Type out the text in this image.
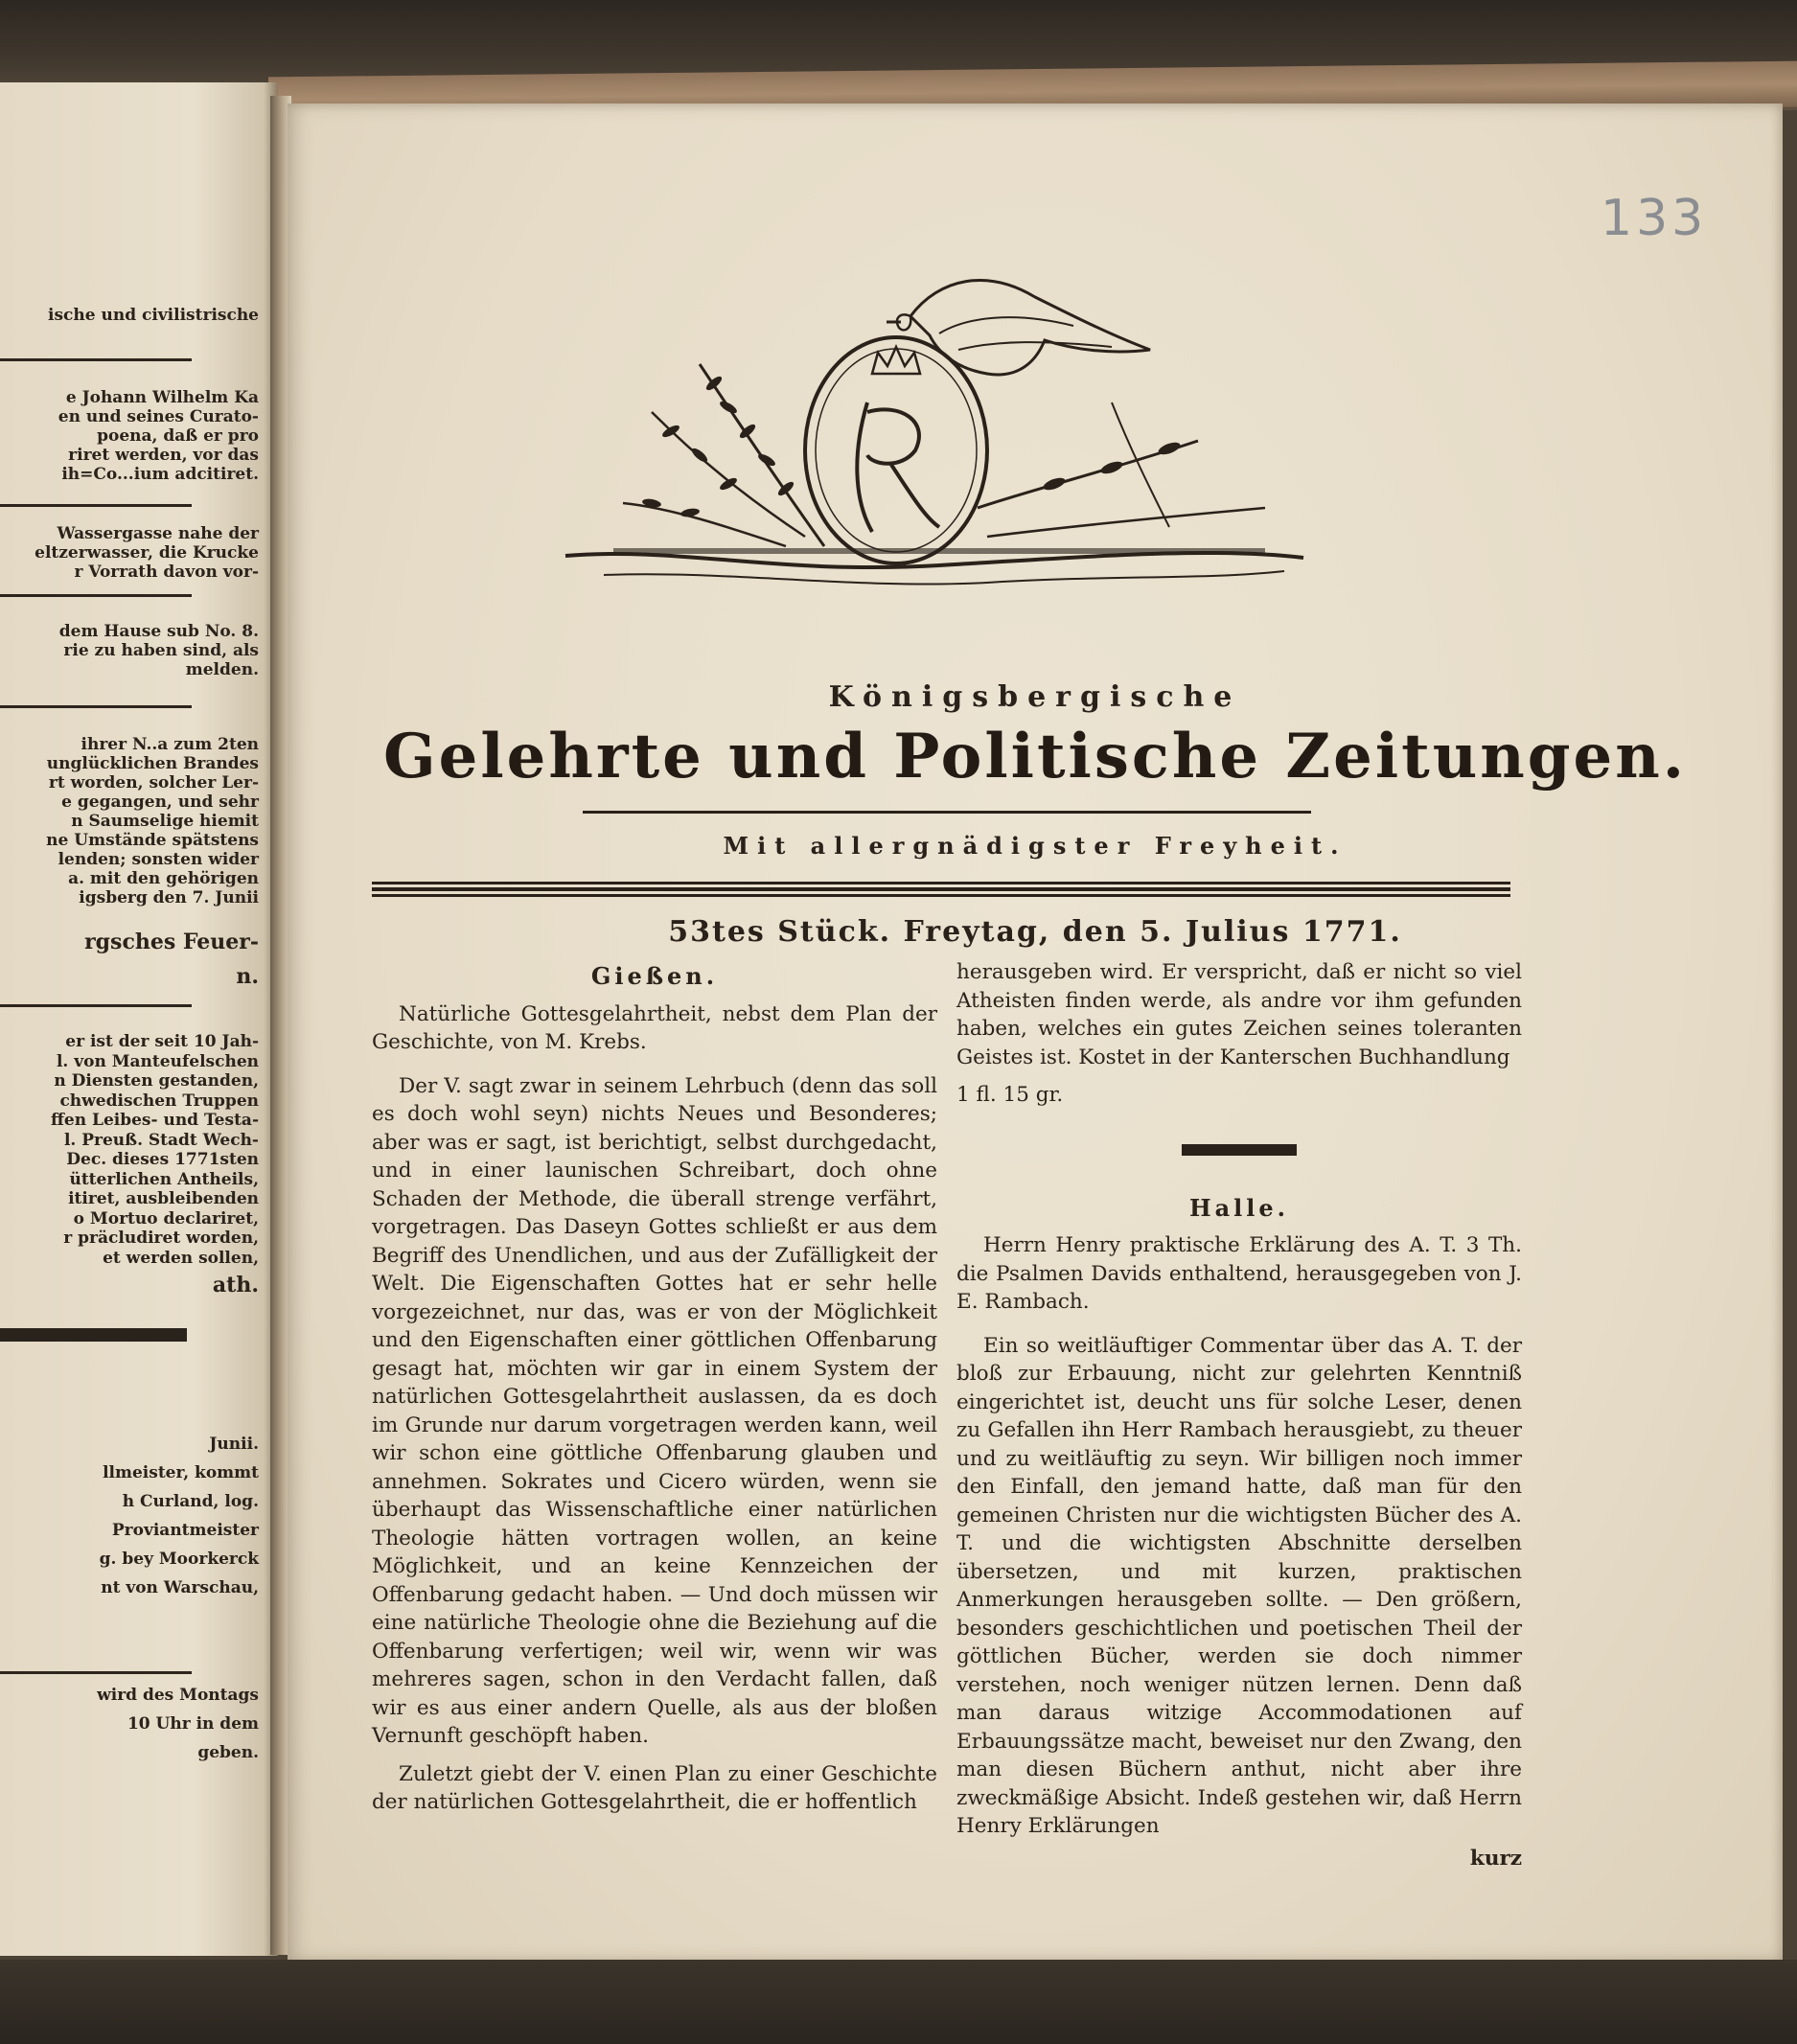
ische und civilistrische
e Johann Wilhelm Ka
en und seines Curato-
poena, daß er pro
riret werden, vor das
ih=Co...ium adcitiret.
Wassergasse nahe der
eltzerwasser, die Krucke
r Vorrath davon vor-
dem Hause sub No. 8.
rie zu haben sind, als
melden.
ihrer N..a zum 2ten
unglücklichen Brandes
rt worden, solcher Ler-
e gegangen, und sehr
n Saumselige hiemit
ne Umstände spätstens
lenden; sonsten wider
a. mit den gehörigen
igsberg den 7. Junii
rgsches Feuer-
n.
er ist der seit 10 Jah-
l. von Manteufelschen
n Diensten gestanden,
chwedischen Truppen
ffen Leibes- und Testa-
l. Preuß. Stadt Wech-
Dec. dieses 1771sten
ütterlichen Antheils,
itiret, ausbleibenden
o Mortuo declariret,
r präcludiret worden,
et werden sollen,
ath.
Junii.
llmeister, kommt
h Curland, log.
Proviantmeister
g. bey Moorkerck
nt von Warschau,
wird des Montags
10 Uhr in dem
geben.
133
Königsbergische
Gelehrte und Politische Zeitungen.
Mit allergnädigster Freyheit.
53tes Stück. Freytag, den 5. Julius 1771.
Gießen.

Natürliche Gottesgelahrtheit, nebst dem Plan der Geschichte, von M. Krebs.

Der V. sagt zwar in seinem Lehrbuch (denn das soll es doch wohl seyn) nichts Neues und Besonderes; aber was er sagt, ist berichtigt, selbst durchgedacht, und in einer launischen Schreibart, doch ohne Schaden der Methode, die überall strenge verfährt, vorgetragen. Das Daseyn Gottes schließt er aus dem Begriff des Unendlichen, und aus der Zufälligkeit der Welt. Die Eigenschaften Gottes hat er sehr helle vorgezeichnet, nur das, was er von der Möglichkeit und den Eigenschaften einer göttlichen Offenbarung gesagt hat, möchten wir gar in einem System der natürlichen Gottesgelahrtheit auslassen, da es doch im Grunde nur darum vorgetragen werden kann, weil wir schon eine göttliche Offenbarung glauben und annehmen. Sokrates und Cicero würden, wenn sie überhaupt das Wissenschaftliche einer natürlichen Theologie hätten vortragen wollen, an keine Möglichkeit, und an keine Kennzeichen der Offenbarung gedacht haben. — Und doch müssen wir eine natürliche Theologie ohne die Beziehung auf die Offenbarung verfertigen; weil wir, wenn wir was mehreres sagen, schon in den Verdacht fallen, daß wir es aus einer andern Quelle, als aus der bloßen Vernunft geschöpft haben.

Zuletzt giebt der V. einen Plan zu einer Geschichte der natürlichen Gottesgelahrtheit, die er hoffentlich

herausgeben wird. Er verspricht, daß er nicht so viel Atheisten finden werde, als andre vor ihm gefunden haben, welches ein gutes Zeichen seines toleranten Geistes ist. Kostet in der Kanterschen Buchhandlung

1 fl. 15 gr.

Halle.

Herrn Henry praktische Erklärung des A. T. 3 Th. die Psalmen Davids enthaltend, herausgegeben von J. E. Rambach.

Ein so weitläuftiger Commentar über das A. T. der bloß zur Erbauung, nicht zur gelehrten Kenntniß eingerichtet ist, deucht uns für solche Leser, denen zu Gefallen ihn Herr Rambach herausgiebt, zu theuer und zu weitläuftig zu seyn. Wir billigen noch immer den Einfall, den jemand hatte, daß man für den gemeinen Christen nur die wichtigsten Bücher des A. T. und die wichtigsten Abschnitte derselben übersetzen, und mit kurzen, praktischen Anmerkungen herausgeben sollte. — Den größern, besonders geschichtlichen und poetischen Theil der göttlichen Bücher, werden sie doch nimmer verstehen, noch weniger nützen lernen. Denn daß man daraus witzige Accommodationen auf Erbauungssätze macht, beweiset nur den Zwang, den man diesen Büchern anthut, nicht aber ihre zweckmäßige Absicht. Indeß gestehen wir, daß Herrn Henry Erklärungen

kurz
